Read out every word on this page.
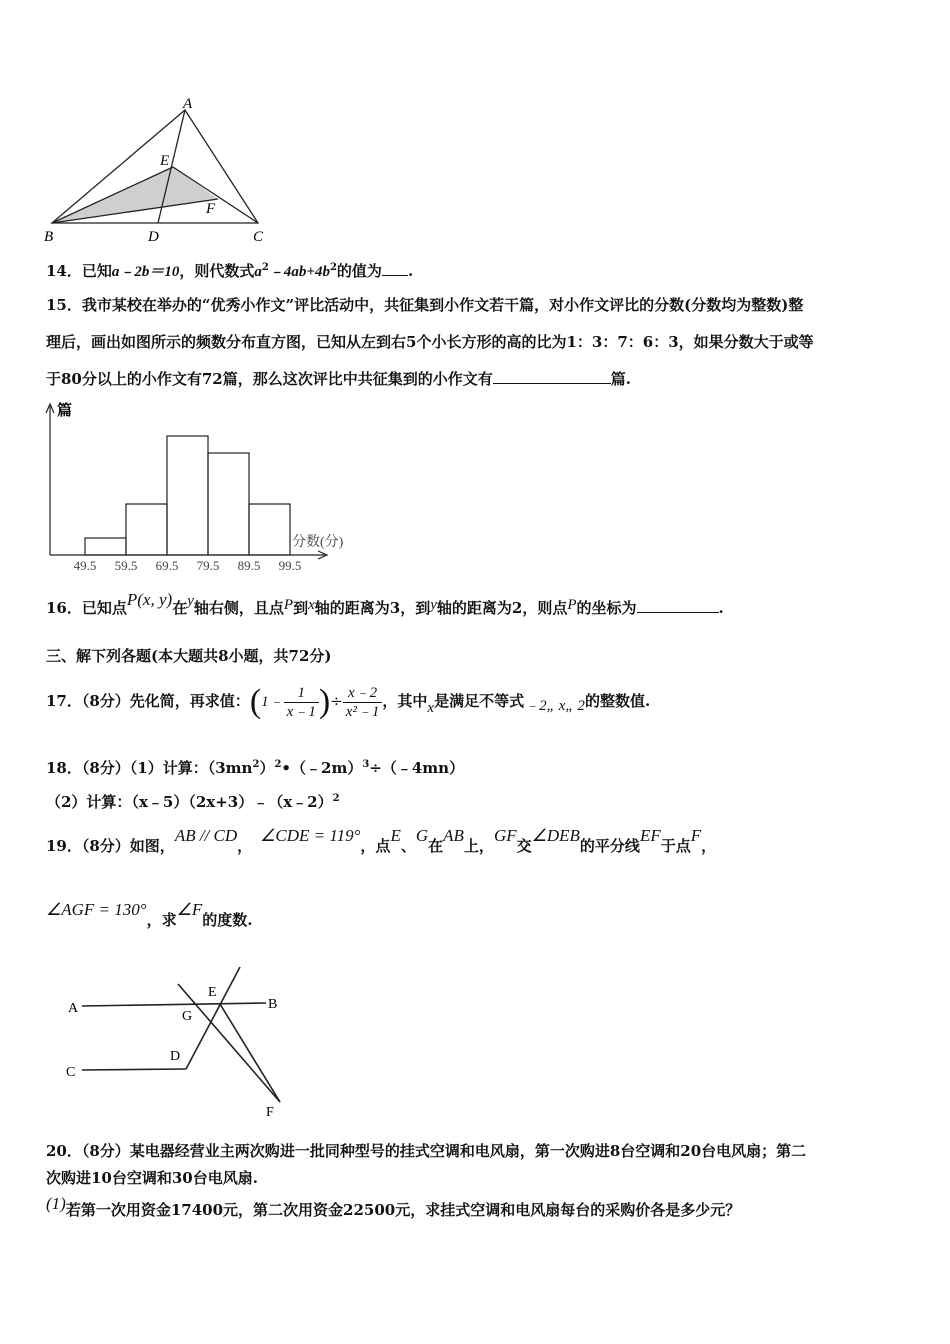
A
E
F
B	D	C
14．已知a﹣2b＝10，则代数式$a^2﹣4ab+4b^2$的值为 .
15．我市某校在举办的“优秀小作文”评比活动中，共征集到小作文若干篇，对小作文评比的分数(分数均为整数)整
理后，画出如图所示的频数分布直方图，已知从左到右5个小长方形的高的比为1：3：7：6：3，如果分数大于或等
于80分以上的小作文有72篇，那么这次评比中共征集到的小作文有	篇.
篇
分数(分)
49.5 59.5 69.5 79.5 89.5 99.5
16．已知点P(x, y)在y轴右侧，且点P到x轴的距离为3，到y轴的距离为2，则点P的坐标为	.
三、解下列各题(本大题共8小题，共72分)
17．（8分）先化简，再求值：(1﹣ $\frac{1}{x﹣1}$ )÷ $\frac{x﹣2}{\text{x²﹣1}}$ ，其中x是满足不等式﹣2„ x„ 2的整数值.
18．（8分）（1）计算：$(3mn^2)^2•(﹣2m)^3\div(﹣4mn)$
（2）计算：（x﹣5）（2x+3）﹣（x﹣2）$^2$
19．（8分）如图，AB // CD，∠CDE = 119°，点E、G在AB上，GF交∠DEB的平分线EF于点F，
∠AGF = 130°，求∠F的度数.
A	B
C
D
E
G
F
20．（8分）某电器经营业主两次购进一批同种型号的挂式空调和电风扇，第一次购进8台空调和20台电风扇；第二
次购进10台空调和30台电风扇.
(1)若第一次用资金17400元，第二次用资金22500元，求挂式空调和电风扇每台的采购价各是多少元？
